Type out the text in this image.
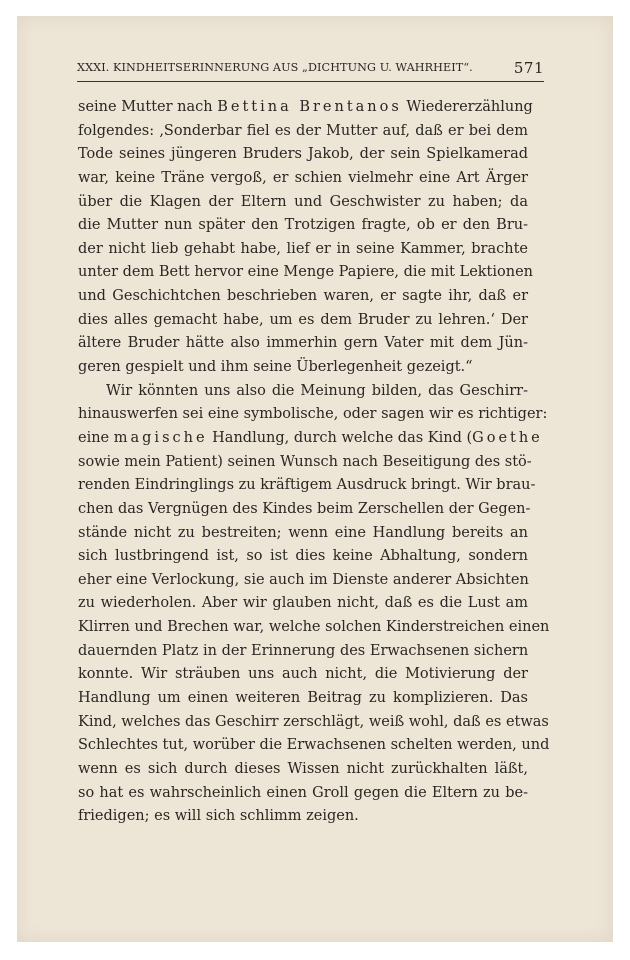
XXXI. KINDHEITSERINNERUNG AUS „DICHTUNG U. WAHRHEIT“.	571
seine Mutter nach Bettina Brentanos Wiedererzählung
folgendes: ‚Sonderbar fiel es der Mutter auf, daß er bei dem
Tode seines jüngeren Bruders Jakob, der sein Spielkamerad
war, keine Träne vergoß, er schien vielmehr eine Art Ärger
über die Klagen der Eltern und Geschwister zu haben; da
die Mutter nun später den Trotzigen fragte, ob er den Bru-
der nicht lieb gehabt habe, lief er in seine Kammer, brachte
unter dem Bett hervor eine Menge Papiere, die mit Lektionen
und Geschichtchen beschrieben waren, er sagte ihr, daß er
dies alles gemacht habe, um es dem Bruder zu lehren.‘ Der
ältere Bruder hätte also immerhin gern Vater mit dem Jün-
geren gespielt und ihm seine Überlegenheit gezeigt.“
Wir könnten uns also die Meinung bilden, das Geschirr-
hinauswerfen sei eine symbolische, oder sagen wir es richtiger:
eine magische Handlung, durch welche das Kind (Goethe
sowie mein Patient) seinen Wunsch nach Beseitigung des stö-
renden Eindringlings zu kräftigem Ausdruck bringt. Wir brau-
chen das Vergnügen des Kindes beim Zerschellen der Gegen-
stände nicht zu bestreiten; wenn eine Handlung bereits an
sich lustbringend ist, so ist dies keine Abhaltung, sondern
eher eine Verlockung, sie auch im Dienste anderer Absichten
zu wiederholen. Aber wir glauben nicht, daß es die Lust am
Klirren und Brechen war, welche solchen Kinderstreichen einen
dauernden Platz in der Erinnerung des Erwachsenen sichern
konnte. Wir sträuben uns auch nicht, die Motivierung der
Handlung um einen weiteren Beitrag zu komplizieren. Das
Kind, welches das Geschirr zerschlägt, weiß wohl, daß es etwas
Schlechtes tut, worüber die Erwachsenen schelten werden, und
wenn es sich durch dieses Wissen nicht zurückhalten läßt,
so hat es wahrscheinlich einen Groll gegen die Eltern zu be-
friedigen; es will sich schlimm zeigen.
